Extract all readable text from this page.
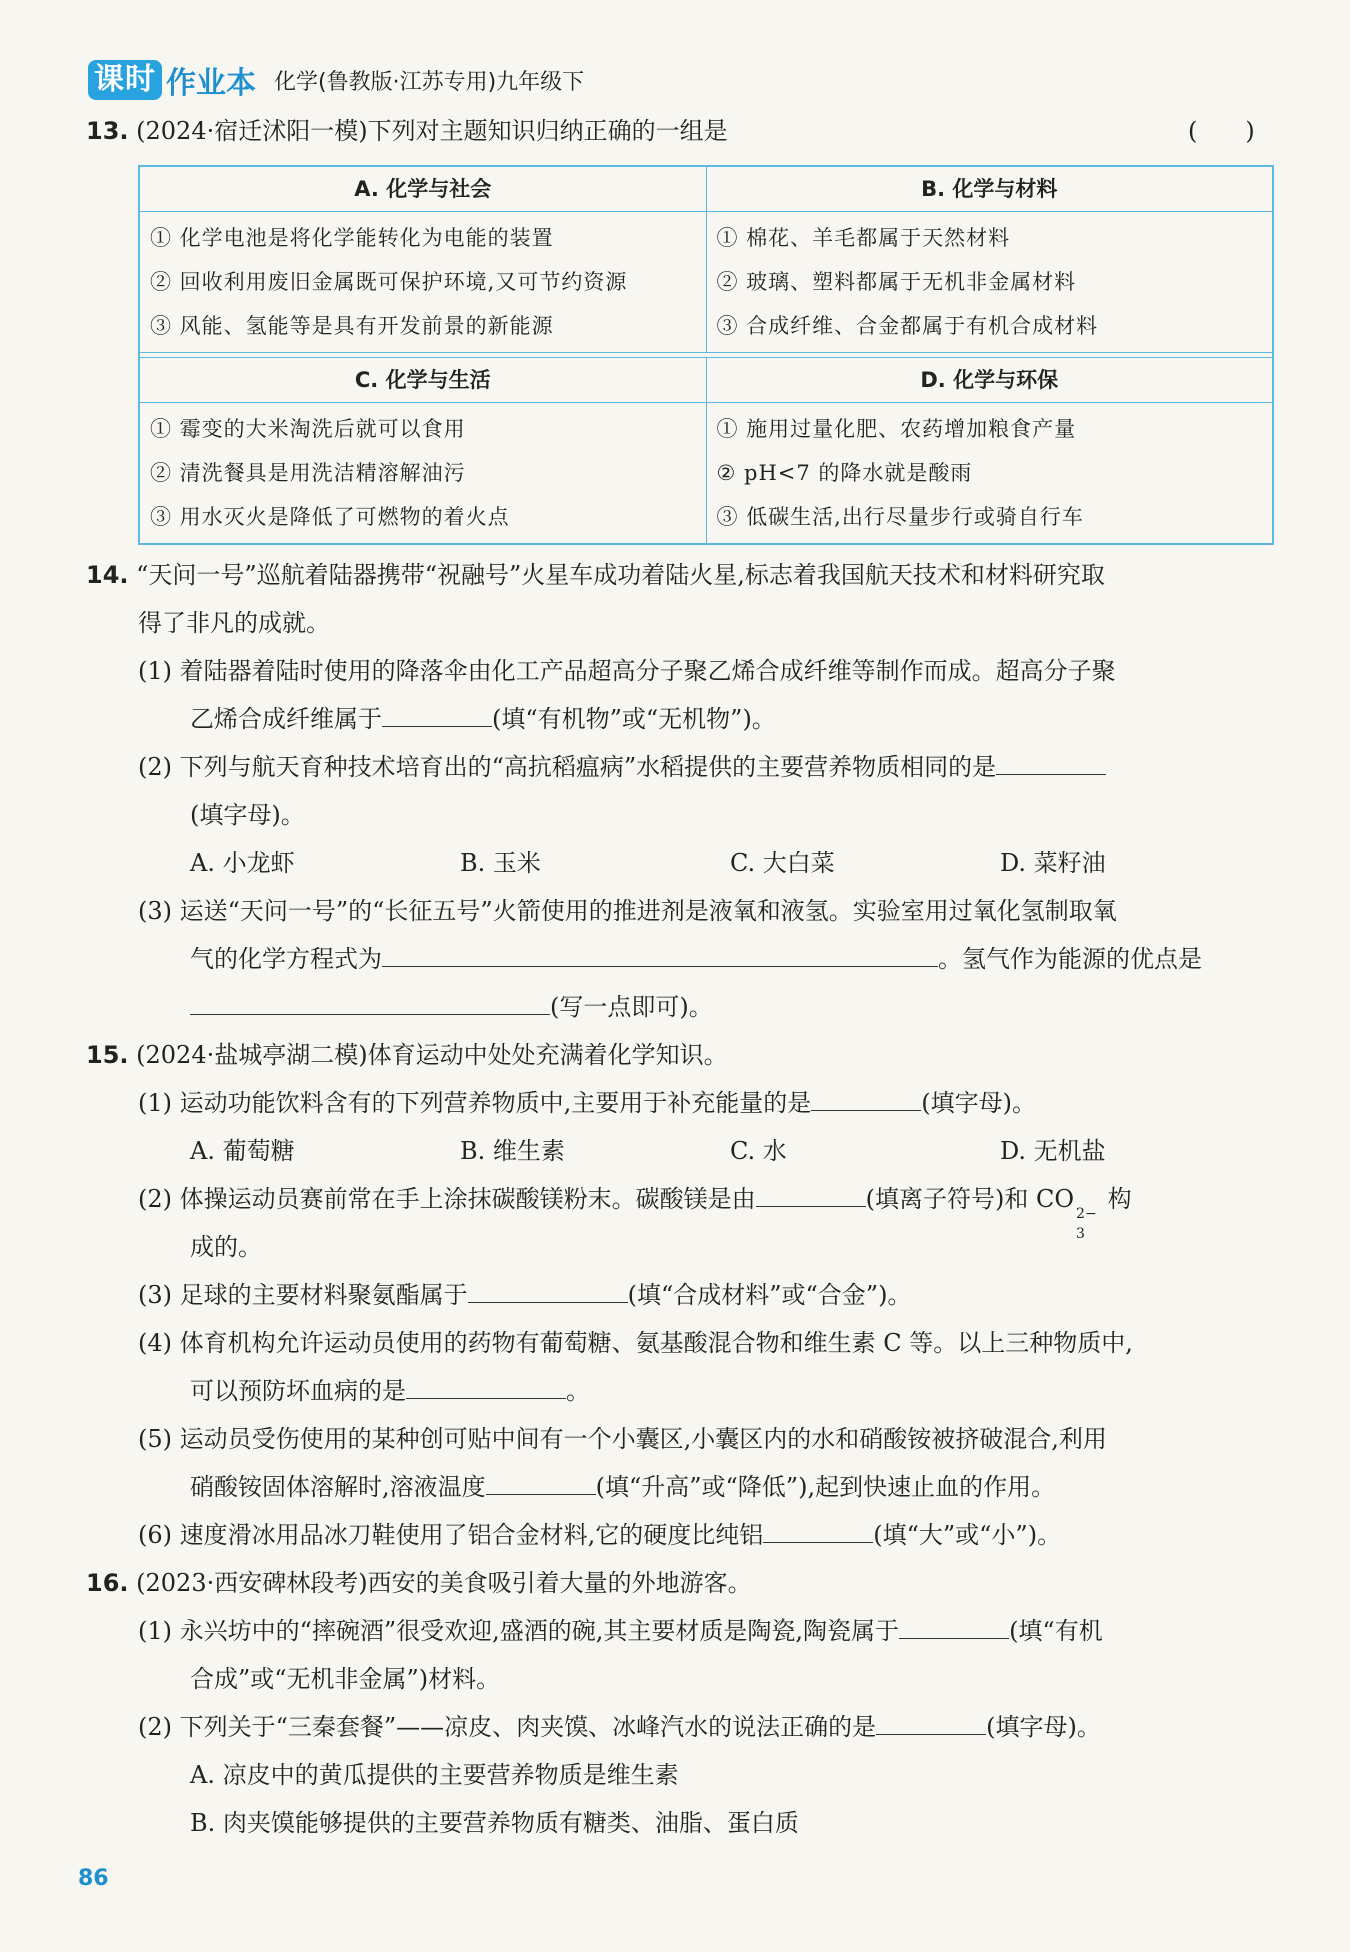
课时 作业本 化学(鲁教版·江苏专用)九年级下
13. (2024·宿迁沭阳一模)下列对主题知识归纳正确的一组是	(　　)
A. 化学与社会
① 化学电池是将化学能转化为电能的装置
② 回收利用废旧金属既可保护环境,又可节约资源
③ 风能、氢能等是具有开发前景的新能源
B. 化学与材料
① 棉花、羊毛都属于天然材料
② 玻璃、塑料都属于无机非金属材料
③ 合成纤维、合金都属于有机合成材料
C. 化学与生活
① 霉变的大米淘洗后就可以食用
② 清洗餐具是用洗洁精溶解油污
③ 用水灭火是降低了可燃物的着火点
D. 化学与环保
① 施用过量化肥、农药增加粮食产量
② pH<7 的降水就是酸雨
③ 低碳生活,出行尽量步行或骑自行车
14. “天问一号”巡航着陆器携带“祝融号”火星车成功着陆火星,标志着我国航天技术和材料研究取
得了非凡的成就。
(1) 着陆器着陆时使用的降落伞由化工产品超高分子聚乙烯合成纤维等制作而成。超高分子聚
乙烯合成纤维属于	(填“有机物”或“无机物”)。
(2) 下列与航天育种技术培育出的“高抗稻瘟病”水稻提供的主要营养物质相同的是
(填字母)。
A. 小龙虾	B. 玉米	C. 大白菜	D. 菜籽油
(3) 运送“天问一号”的“长征五号”火箭使用的推进剂是液氧和液氢。实验室用过氧化氢制取氧
气的化学方程式为	。氢气作为能源的优点是
(写一点即可)。
15. (2024·盐城亭湖二模)体育运动中处处充满着化学知识。
(1) 运动功能饮料含有的下列营养物质中,主要用于补充能量的是	(填字母)。
A. 葡萄糖	B. 维生素	C. 水	D. 无机盐
(2) 体操运动员赛前常在手上涂抹碳酸镁粉末。碳酸镁是由	(填离子符号)和 CO
2−
3
构
成的。
(3) 足球的主要材料聚氨酯属于	(填“合成材料”或“合金”)。
(4) 体育机构允许运动员使用的药物有葡萄糖、氨基酸混合物和维生素 C 等。以上三种物质中,
可以预防坏血病的是	。
(5) 运动员受伤使用的某种创可贴中间有一个小囊区,小囊区内的水和硝酸铵被挤破混合,利用
硝酸铵固体溶解时,溶液温度	(填“升高”或“降低”),起到快速止血的作用。
(6) 速度滑冰用品冰刀鞋使用了铝合金材料,它的硬度比纯铝	(填“大”或“小”)。
16. (2023·西安碑林段考)西安的美食吸引着大量的外地游客。
(1) 永兴坊中的“摔碗酒”很受欢迎,盛酒的碗,其主要材质是陶瓷,陶瓷属于	(填“有机
合成”或“无机非金属”)材料。
(2) 下列关于“三秦套餐”——凉皮、肉夹馍、冰峰汽水的说法正确的是	(填字母)。
A. 凉皮中的黄瓜提供的主要营养物质是维生素
B. 肉夹馍能够提供的主要营养物质有糖类、油脂、蛋白质
86
